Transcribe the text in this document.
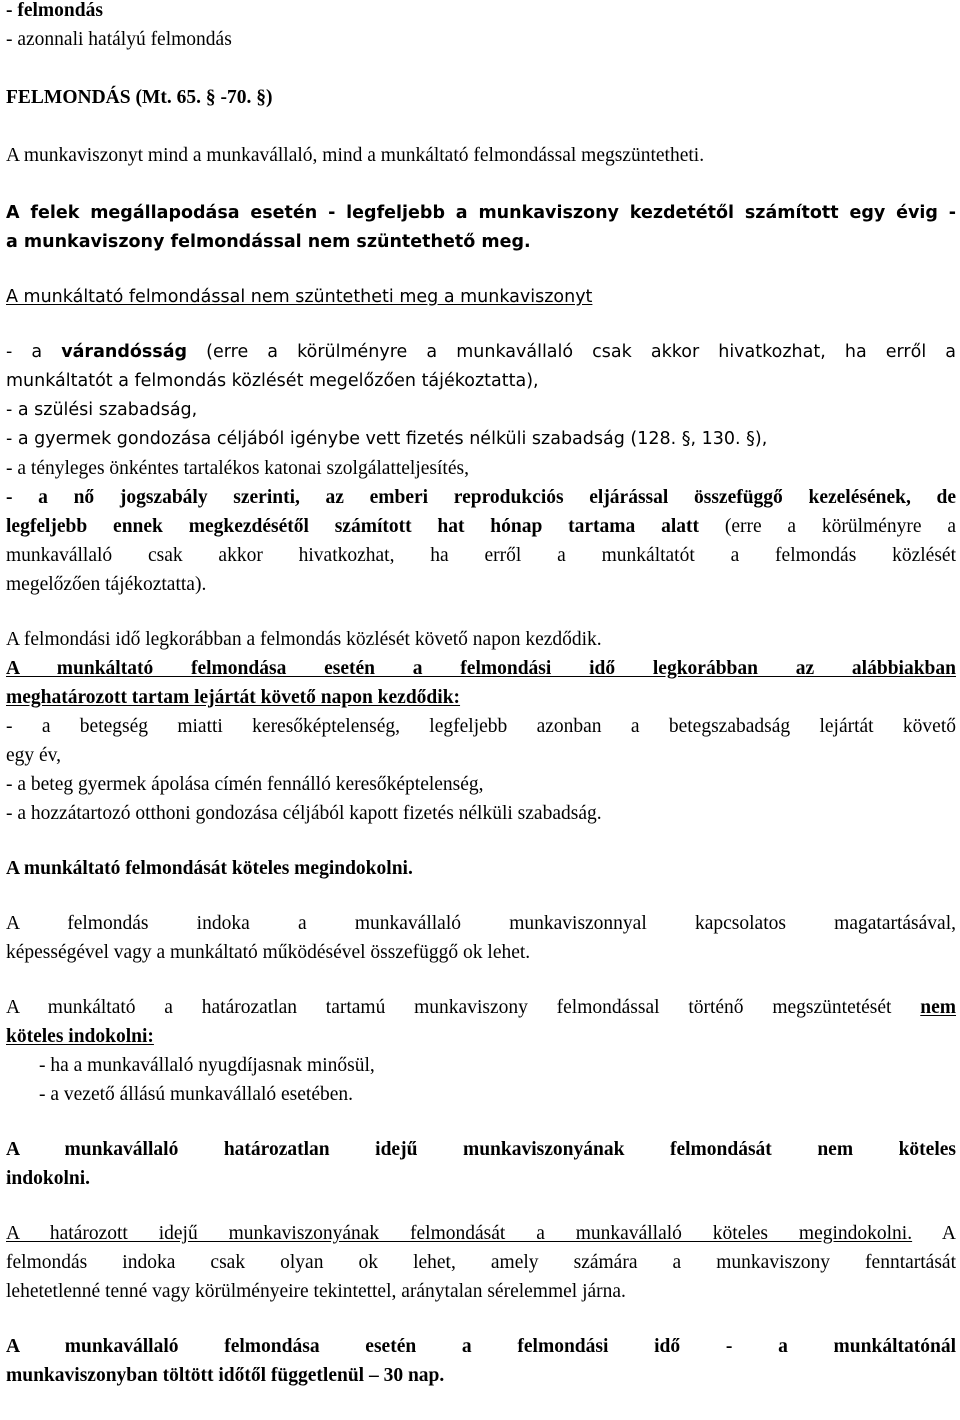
- felmondás
- azonnali hatályú felmondás
FELMONDÁS (Mt. 65. § -70. §)
A munkaviszonyt mind a munkavállaló, mind a munkáltató felmondással megszüntetheti.
A felek megállapodása esetén - legfeljebb a munkaviszony kezdetétől számított egy évig -
a munkaviszony felmondással nem szüntethető meg.
A munkáltató felmondással nem szüntetheti meg a munkaviszonyt
- a várandósság (erre a körülményre a munkavállaló csak akkor hivatkozhat, ha erről a
munkáltatót a felmondás közlését megelőzően tájékoztatta),
- a szülési szabadság,
- a gyermek gondozása céljából igénybe vett fizetés nélküli szabadság (128. §, 130. §),
- a tényleges önkéntes tartalékos katonai szolgálatteljesítés,
- a nő jogszabály szerinti, az emberi reprodukciós eljárással összefüggő kezelésének, de
legfeljebb ennek megkezdésétől számított hat hónap tartama alatt (erre a körülményre a
munkavállaló csak akkor hivatkozhat, ha erről a munkáltatót a felmondás közlését
megelőzően tájékoztatta).
A felmondási idő legkorábban a felmondás közlését követő napon kezdődik.
A munkáltató felmondása esetén a felmondási idő legkorábban az alábbiakban
meghatározott tartam lejártát követő napon kezdődik:
- a betegség miatti keresőképtelenség, legfeljebb azonban a betegszabadság lejártát követő
egy év,
- a beteg gyermek ápolása címén fennálló keresőképtelenség,
- a hozzátartozó otthoni gondozása céljából kapott fizetés nélküli szabadság.
A munkáltató felmondását köteles megindokolni.
A felmondás indoka a munkavállaló munkaviszonnyal kapcsolatos magatartásával,
képességével vagy a munkáltató működésével összefüggő ok lehet.
A munkáltató a határozatlan tartamú munkaviszony felmondással történő megszüntetését nem
köteles indokolni:
- ha a munkavállaló nyugdíjasnak minősül,
- a vezető állású munkavállaló esetében.
A munkavállaló határozatlan idejű munkaviszonyának felmondását nem köteles
indokolni.
A határozott idejű munkaviszonyának felmondását a munkavállaló köteles megindokolni. A
felmondás indoka csak olyan ok lehet, amely számára a munkaviszony fenntartását
lehetetlenné tenné vagy körülményeire tekintettel, aránytalan sérelemmel járna.
A munkavállaló felmondása esetén a felmondási idő - a munkáltatónál
munkaviszonyban töltött időtől függetlenül – 30 nap.
